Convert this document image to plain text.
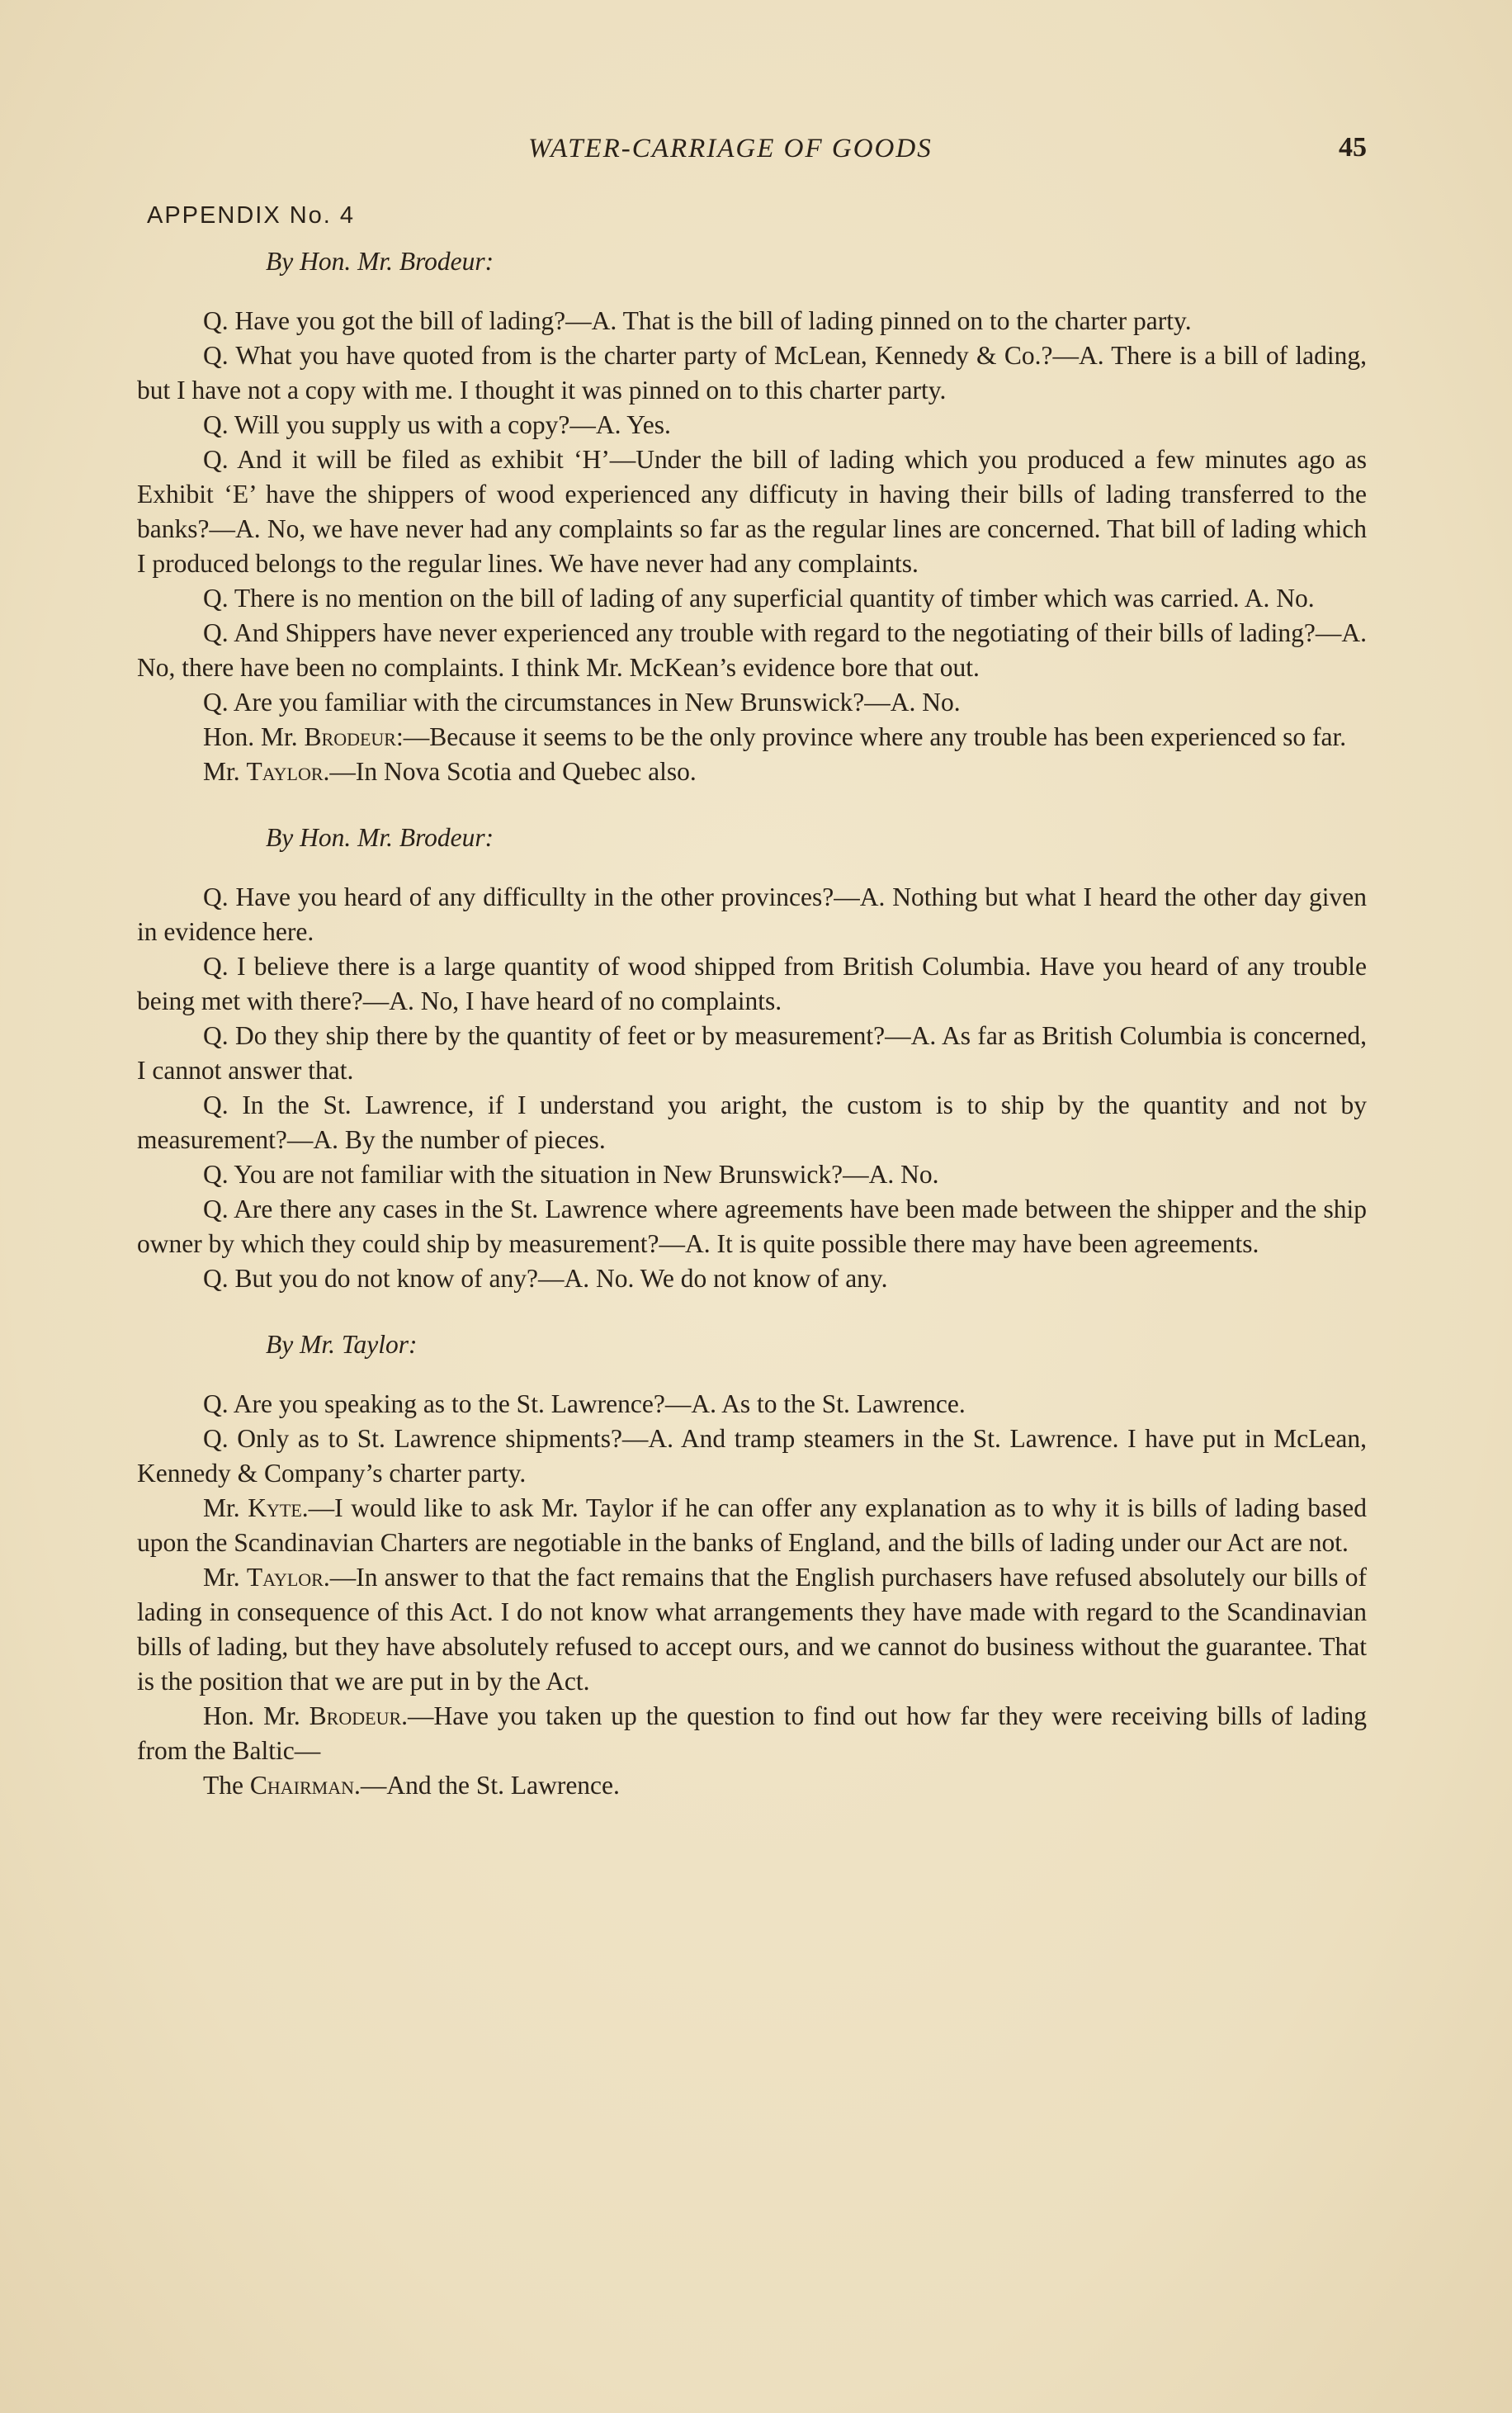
WATER-CARRIAGE OF GOODS	45
APPENDIX No. 4

By Hon. Mr. Brodeur:

Q. Have you got the bill of lading?—A. That is the bill of lading pinned on to the charter party.

Q. What you have quoted from is the charter party of McLean, Kennedy & Co.?—A. There is a bill of lading, but I have not a copy with me. I thought it was pinned on to this charter party.

Q. Will you supply us with a copy?—A. Yes.

Q. And it will be filed as exhibit ‘H’—Under the bill of lading which you produced a few minutes ago as Exhibit ‘E’ have the shippers of wood experienced any difficuty in having their bills of lading transferred to the banks?—A. No, we have never had any complaints so far as the regular lines are concerned. That bill of lading which I produced belongs to the regular lines. We have never had any complaints.

Q. There is no mention on the bill of lading of any superficial quantity of timber which was carried. A. No.

Q. And Shippers have never experienced any trouble with regard to the negotiating of their bills of lading?—A. No, there have been no complaints. I think Mr. McKean’s evidence bore that out.

Q. Are you familiar with the circumstances in New Brunswick?—A. No.

Hon. Mr. Brodeur:—Because it seems to be the only province where any trouble has been experienced so far.

Mr. Taylor.—In Nova Scotia and Quebec also.

By Hon. Mr. Brodeur:

Q. Have you heard of any difficullty in the other provinces?—A. Nothing but what I heard the other day given in evidence here.

Q. I believe there is a large quantity of wood shipped from British Columbia. Have you heard of any trouble being met with there?—A. No, I have heard of no complaints.

Q. Do they ship there by the quantity of feet or by measurement?—A. As far as British Columbia is concerned, I cannot answer that.

Q. In the St. Lawrence, if I understand you aright, the custom is to ship by the quantity and not by measurement?—A. By the number of pieces.

Q. You are not familiar with the situation in New Brunswick?—A. No.

Q. Are there any cases in the St. Lawrence where agreements have been made between the shipper and the ship owner by which they could ship by measurement?—A. It is quite possible there may have been agreements.

Q. But you do not know of any?—A. No. We do not know of any.

By Mr. Taylor:

Q. Are you speaking as to the St. Lawrence?—A. As to the St. Lawrence.

Q. Only as to St. Lawrence shipments?—A. And tramp steamers in the St. Lawrence. I have put in McLean, Kennedy & Company’s charter party.

Mr. Kyte.—I would like to ask Mr. Taylor if he can offer any explanation as to why it is bills of lading based upon the Scandinavian Charters are negotiable in the banks of England, and the bills of lading under our Act are not.

Mr. Taylor.—In answer to that the fact remains that the English purchasers have refused absolutely our bills of lading in consequence of this Act. I do not know what arrangements they have made with regard to the Scandinavian bills of lading, but they have absolutely refused to accept ours, and we cannot do business without the guarantee. That is the position that we are put in by the Act.

Hon. Mr. Brodeur.—Have you taken up the question to find out how far they were receiving bills of lading from the Baltic—

The Chairman.—And the St. Lawrence.
